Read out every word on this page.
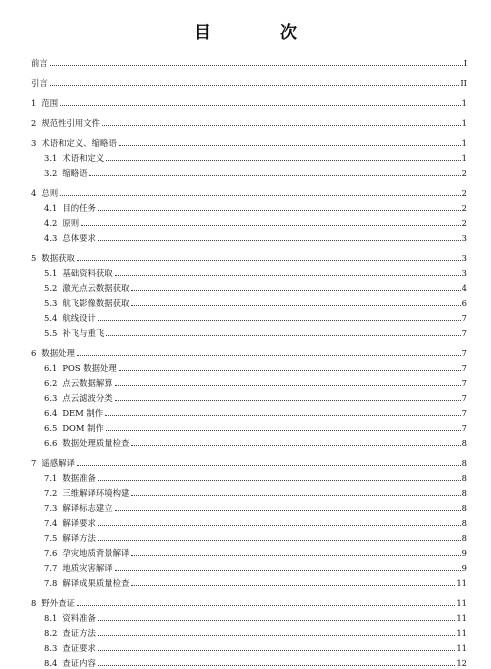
目　次
前言	I
引言	II
1 范围	1
2 规范性引用文件	1
3 术语和定义、缩略语	1
3.1 术语和定义	1
3.2 缩略语	2
4 总则	2
4.1 目的任务	2
4.2 原则	2
4.3 总体要求	3
5 数据获取	3
5.1 基础资料获取	3
5.2 激光点云数据获取	4
5.3 航飞影像数据获取	6
5.4 航线设计	7
5.5 补飞与重飞	7
6 数据处理	7
6.1 POS 数据处理	7
6.2 点云数据解算	7
6.3 点云滤波分类	7
6.4 DEM 制作	7
6.5 DOM 制作	7
6.6 数据处理质量检查	8
7 遥感解译	8
7.1 数据准备	8
7.2 三维解译环境构建	8
7.3 解译标志建立	8
7.4 解译要求	8
7.5 解译方法	8
7.6 孕灾地质背景解译	9
7.7 地质灾害解译	9
7.8 解译成果质量检查	11
8 野外查证	11
8.1 资料准备	11
8.2 查证方法	11
8.3 查证要求	11
8.4 查证内容	12
